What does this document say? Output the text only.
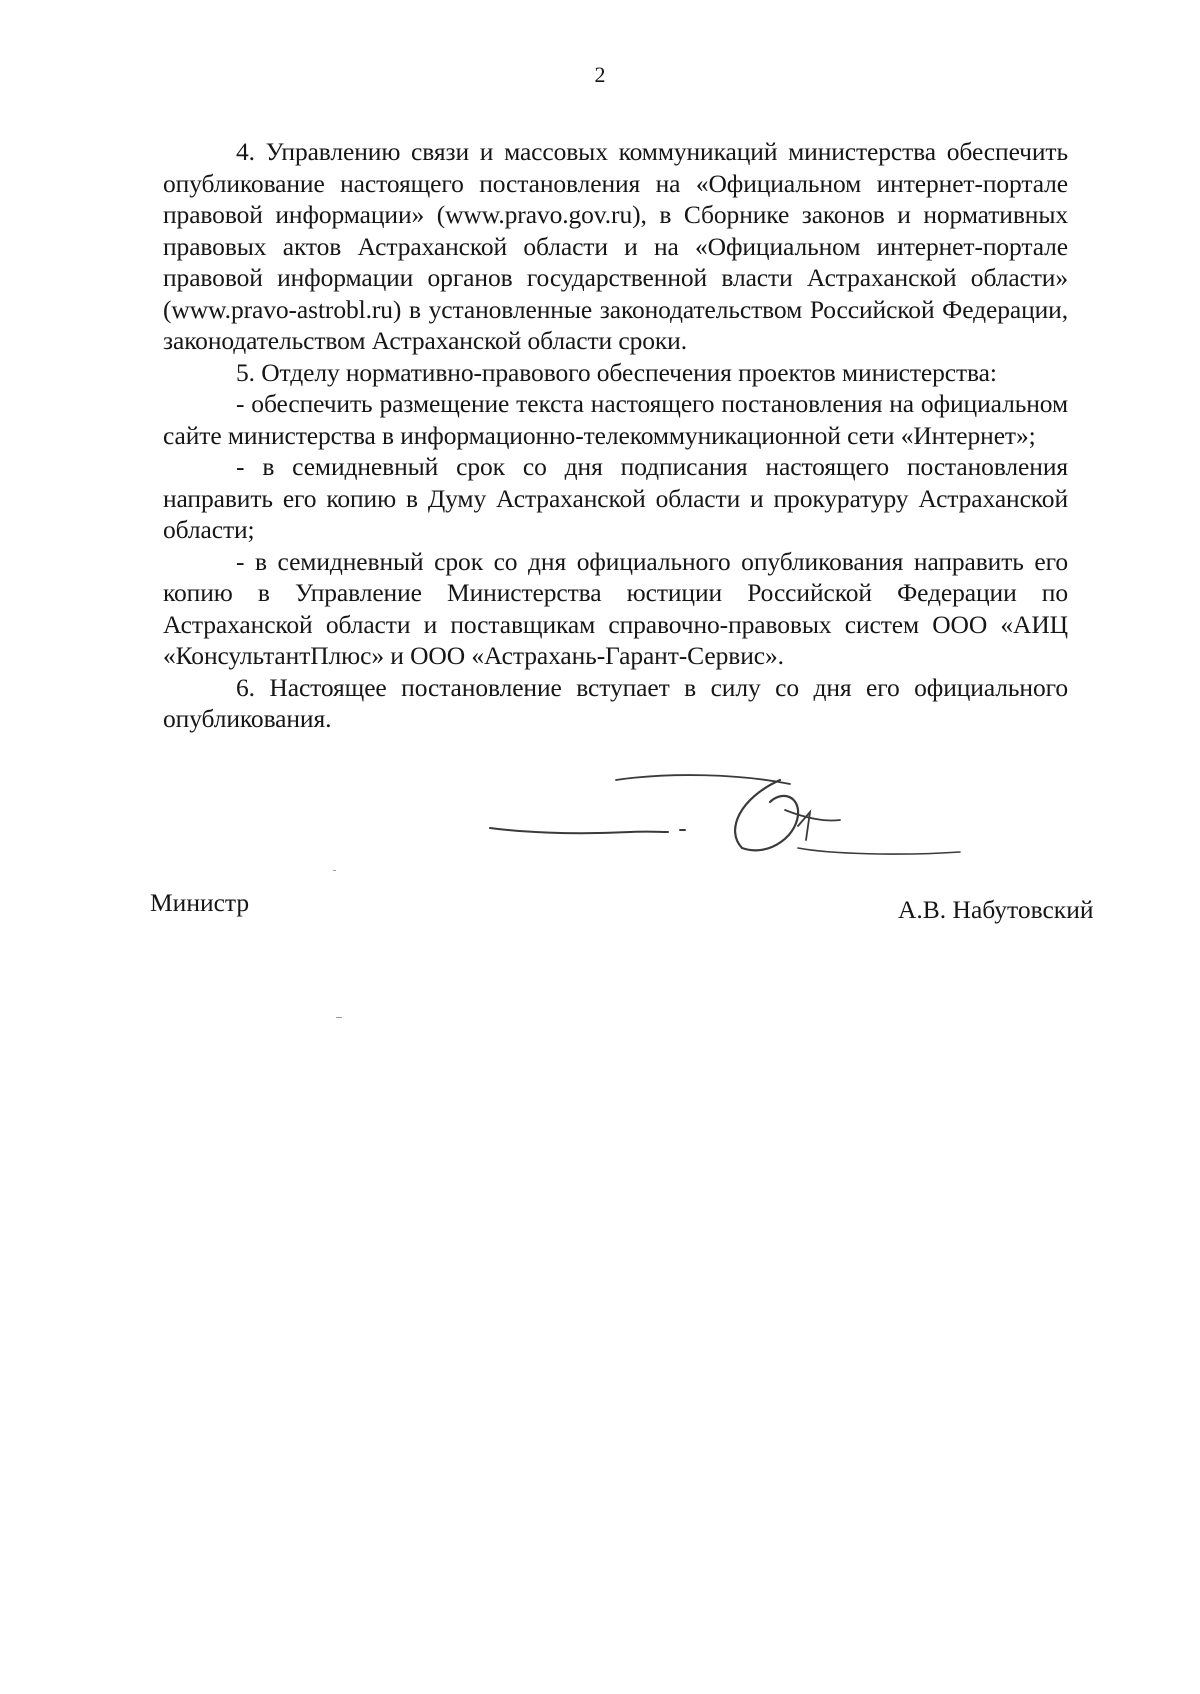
2

4. Управлению связи и массовых коммуникаций министерства обеспечить опубликование настоящего постановления на «Официальном интернет-портале правовой информации» (www.pravo.gov.ru), в Сборнике законов и нормативных правовых актов Астраханской области и на «Официальном интернет-портале правовой информации органов государственной власти Астраханской области» (www.pravo-astrobl.ru) в установленные законодательством Российской Федерации, законодательством Астраханской области сроки.

5. Отделу нормативно-правового обеспечения проектов министерства:

- обеспечить размещение текста настоящего постановления на официальном сайте министерства в информационно-телекоммуникационной сети «Интернет»;

- в семидневный срок со дня подписания настоящего постановления направить его копию в Думу Астраханской области и прокуратуру Астраханской области;

- в семидневный срок со дня официального опубликования направить его копию в Управление Министерства юстиции Российской Федерации по Астраханской области и поставщикам справочно-правовых систем ООО «АИЦ «КонсультантПлюс» и ООО «Астрахань-Гарант-Сервис».

6. Настоящее постановление вступает в силу со дня его официального опубликования.

Министр	А.В. Набутовский
